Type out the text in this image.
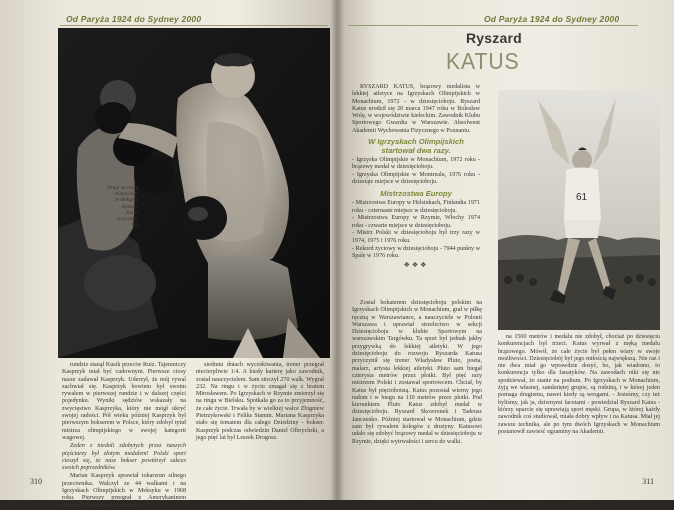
Od Paryża 1924 do Sydney 2000
Drugi na ringu olimpijskim
w Meksyku
Ryszard
Katus
(z prawej)
był

rundzie stanął Kusik przeciw Ruiz. Tajemniczy Kasprzyk miał być cudownym. Pierwsze ciosy nasze zadawał Kasprzyk. Uderzył, że mój rywal zachwiał się. Kasprzyk bowiem był swoim rywalem w pierwszej rundzie i w dalszej części pojedynku. Wyniki sędziów wskazały na zwycięstwo Kasprzyka, który nie mógł ukryć swojej radości. Pół wieku później Kasprzyk był pierwszym bokserem w Polsce, który zdobył tytuł mistrza olimpijskiego w swojej kategorii wagowej.

Zeden z niedoli zdobytych przez naszych pięściarzy był złotym medalem! Polski sport cieszył się, że nasz bokser powtórzył sukces swoich poprzedników.

Marian Kasprzyk sprawiał tokarzom silnego przeciwnika. Walczył ze 44 walkami i na Igrzyskach Olimpijskich w Meksyku w 1968 roku. Pierwszy przegrał z Amerykaninem Armando Monzem stoczonym po

siedmiu dniach wyczekiwania, trener przegrał niecierpliwie 1:4. A kiedy karierę jako zawodnik, został nauczycielem. Sam stoczył 270 walk. Wygrał 232. Na ringu i w życiu zmagał się z bratem Mirosławem. Po Igrzyskach w Rzymie zmierzył się na ringu w Bielsku. Spotkała go za to przyjemność, że całe życie. Trwała by w wielkiej walce Zbigniew Pietrzykowski i Feliks Stamm. Mariana Kasprzyka stało się tematem dla całego Dziedziny - bokser. Kasprzyk podczas odwiedzin Daniel Olbrychski, a jego pięć lat był Leszek Drogosz.

310
Od Paryża 1924 do Sydney 2000
Ryszard
KATUS

RYSZARD KATUS, brązowy medalista w lekkiej atletyce na Igrzyskach Olimpijskich w Monachium, 1972 - w dziesięcioboju. Ryszard Katus urodził się 20 marca 1947 roku w Bolesław Wolę, w województwie kieleckim. Zawodnik Klubu Sportowego Gwardia w Warszawie. Absolwent Akademii Wychowania Fizycznego w Poznaniu.

W Igrzyskach Olimpijskich startował dwa razy.
- Igrzyska Olimpijskie w Monachium, 1972 roku - brązowy medal w dziesięcioboju.
- Igrzyska Olimpijskie w Montrealu, 1976 roku - dziesiąte miejsce w dziesięcioboju.
Mistrzostwa Europy
- Mistrzostwa Europy w Helsinkach, Finlandia 1971 roku - czternaste miejsce w dziesięcioboju.
- Mistrzostwa Europy w Rzymie, Włochy 1974 roku - czwarte miejsce w dziesięcioboju.
- Mistrz Polski w dziesięcioboju był trzy razy w 1974, 1975 i 1976 roku.
- Rekord życiowy w dziesięcioboju - 7944 punkty w Spale w 1976 roku.
❖❖❖

Został bohaterem dziesięcioboju polskim na Igrzyskach Olimpijskich w Monachium, grał w piłkę ręczną w Warszawiance, a nauczyciele w Polonii Warszawa i uprawiał strzelectwo w sekcji Dziesięcioboju w klubie Sportowym na warszawskim Targówku. Ta sport był jednak jakby przygrywką do lekkiej atletyki. W jego dziesięcioboju do rozwoju Ryszarda Katusa przyczynił się trener Władysław Pluto, poeta, malarz, artysta lekkiej atletyki. Pluto sam biegał czterysta metrów przez płotki. Był pięć razy mistrzem Polski i zostawał sportowcem. Chciał, by Katus był pięcioboistą. Katus pozostał wierny jego radom i w biegu na 110 metrów przez płotki. Pod kierunkiem Pluto Katus zdobył medal w dziesięcioboju. Ryszard Skowronek i Tadeusz Janczenko. Później startował w Monachium, gdzie sam był rywalem kolegów z drużyny. Katusowi udało się zdobyć brązowy medal w dziesięcioboju w Rzymie, dzięki wytrwałości i sercu do walki.

61

na 1500 metrów i medalu nie zdobył, chociaż po dziesięciu konkurencjach był trzeci. Katus wyrwał z męką medalu brązowego. Mówił, że całe życie był pełen wiary w swoje możliwości. Dziesięciobój był jego miłością największą. Nie raz i nie dwa miał go wprawdzie dosyć, bo, jak wiadomo, to konkurencja tylko dla fanatyków. Na zawodach nikt się nie spodziewał, że stanie na podium. Po Igrzyskach w Monachium, żyją we własnej, zamkniętej grupie, są rodziną, i w której jeden pomaga drugiemu, nawet kiedy są wrogami. - Jesteśmy, czy też byliśmy, jak ja, dziwnymi facetami - powiedział Ryszard Katus - którzy uparcie się uprawiają sport męski. Grupa, w której każdy zawodnik coś studiował, miała dobry wpływ i na Katusa. Miał jej zawsze technika, ale po tym dwóch Igrzyskach w Monachium postanowił zawieść egzaminy na Akademii.

311
